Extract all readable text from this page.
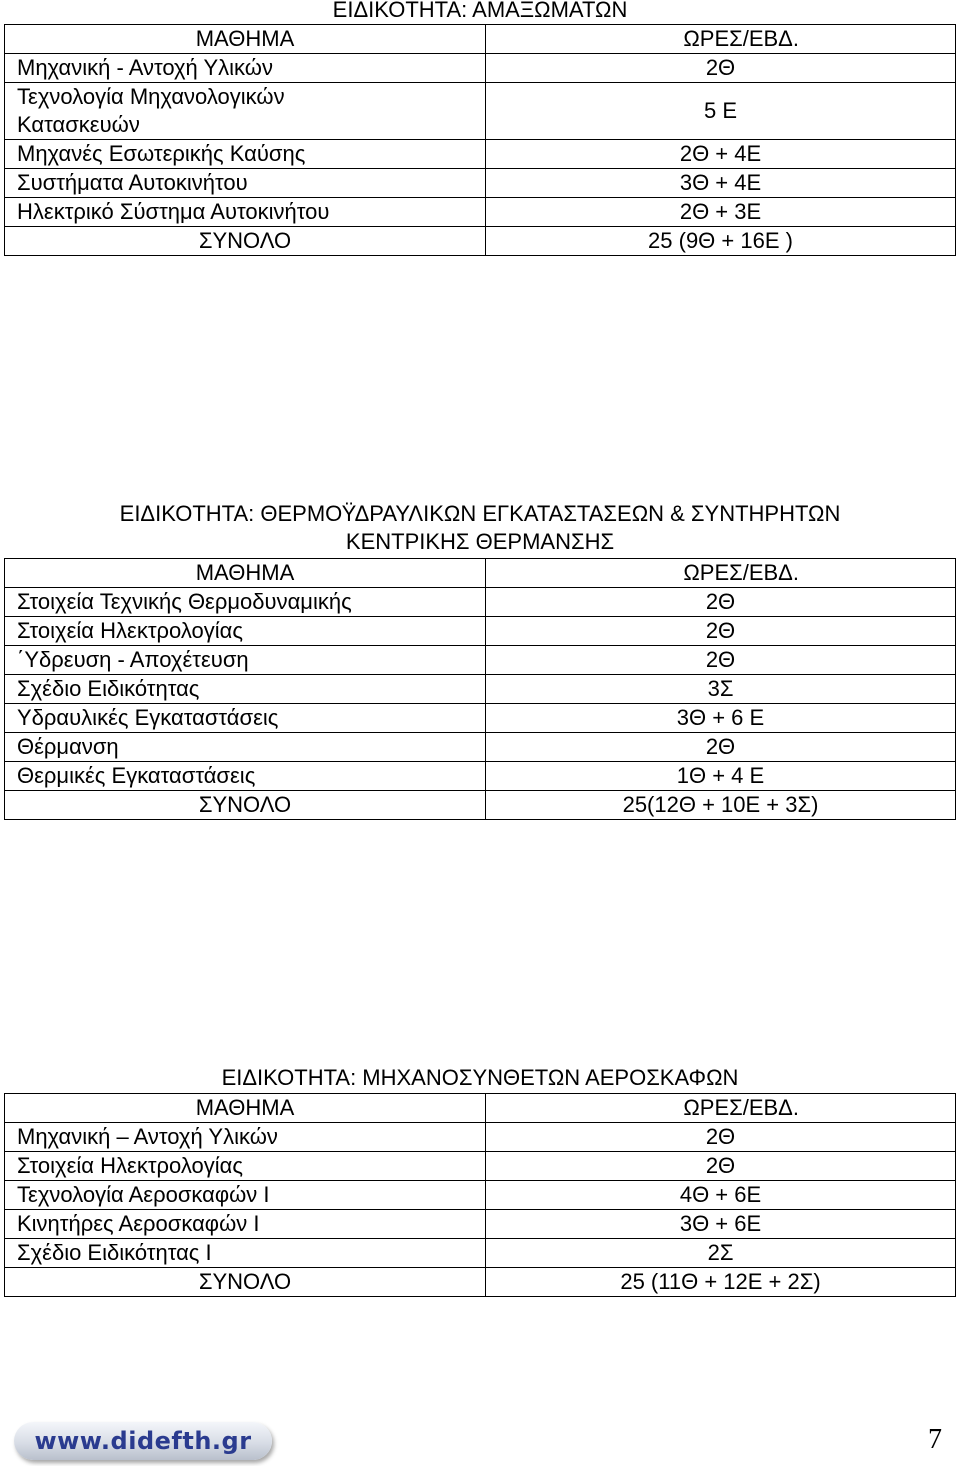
ΕΙΔΙΚΟΤΗΤΑ: ΑΜΑΞΩΜΑΤΩΝ
ΜΑΘΗΜΑ	ΩΡΕΣ/ΕΒΔ.
Μηχανική - Αντοχή Υλικών	2Θ

Τεχνολογία Μηχανολογικών
Κατασκευών	5 Ε
Μηχανές Εσωτερικής Καύσης	2Θ + 4Ε
Συστήματα Αυτοκινήτου	3Θ + 4Ε
Ηλεκτρικό Σύστημα Αυτοκινήτου	2Θ + 3Ε
ΣΥΝΟΛΟ	25 (9Θ + 16Ε )
ΕΙΔΙΚΟΤΗΤΑ: ΘΕΡΜΟΫΔΡΑΥΛΙΚΩΝ ΕΓΚΑΤΑΣΤΑΣΕΩΝ & ΣΥΝΤΗΡΗΤΩΝ
ΚΕΝΤΡΙΚΗΣ ΘΕΡΜΑΝΣΗΣ
ΜΑΘΗΜΑ	ΩΡΕΣ/ΕΒΔ.
Στοιχεία Τεχνικής Θερμοδυναμικής	2Θ
Στοιχεία Ηλεκτρολογίας	2Θ
΄Υδρευση - Αποχέτευση	2Θ
Σχέδιο Ειδικότητας	3Σ
Υδραυλικές Εγκαταστάσεις	3Θ + 6 Ε
Θέρμανση	2Θ
Θερμικές Εγκαταστάσεις	1Θ + 4 Ε
ΣΥΝΟΛΟ	25(12Θ + 10Ε + 3Σ)
ΕΙΔΙΚΟΤΗΤΑ: ΜΗΧΑΝΟΣΥΝΘΕΤΩΝ ΑΕΡΟΣΚΑΦΩΝ
ΜΑΘΗΜΑ	ΩΡΕΣ/ΕΒΔ.
Μηχανική – Αντοχή Υλικών	2Θ
Στοιχεία Ηλεκτρολογίας	2Θ
Τεχνολογία Αεροσκαφών Ι	4Θ + 6Ε
Κινητήρες Αεροσκαφών Ι	3Θ + 6Ε
Σχέδιο Ειδικότητας Ι	2Σ
ΣΥΝΟΛΟ	25 (11Θ + 12Ε + 2Σ)
www.didefth.gr	7
